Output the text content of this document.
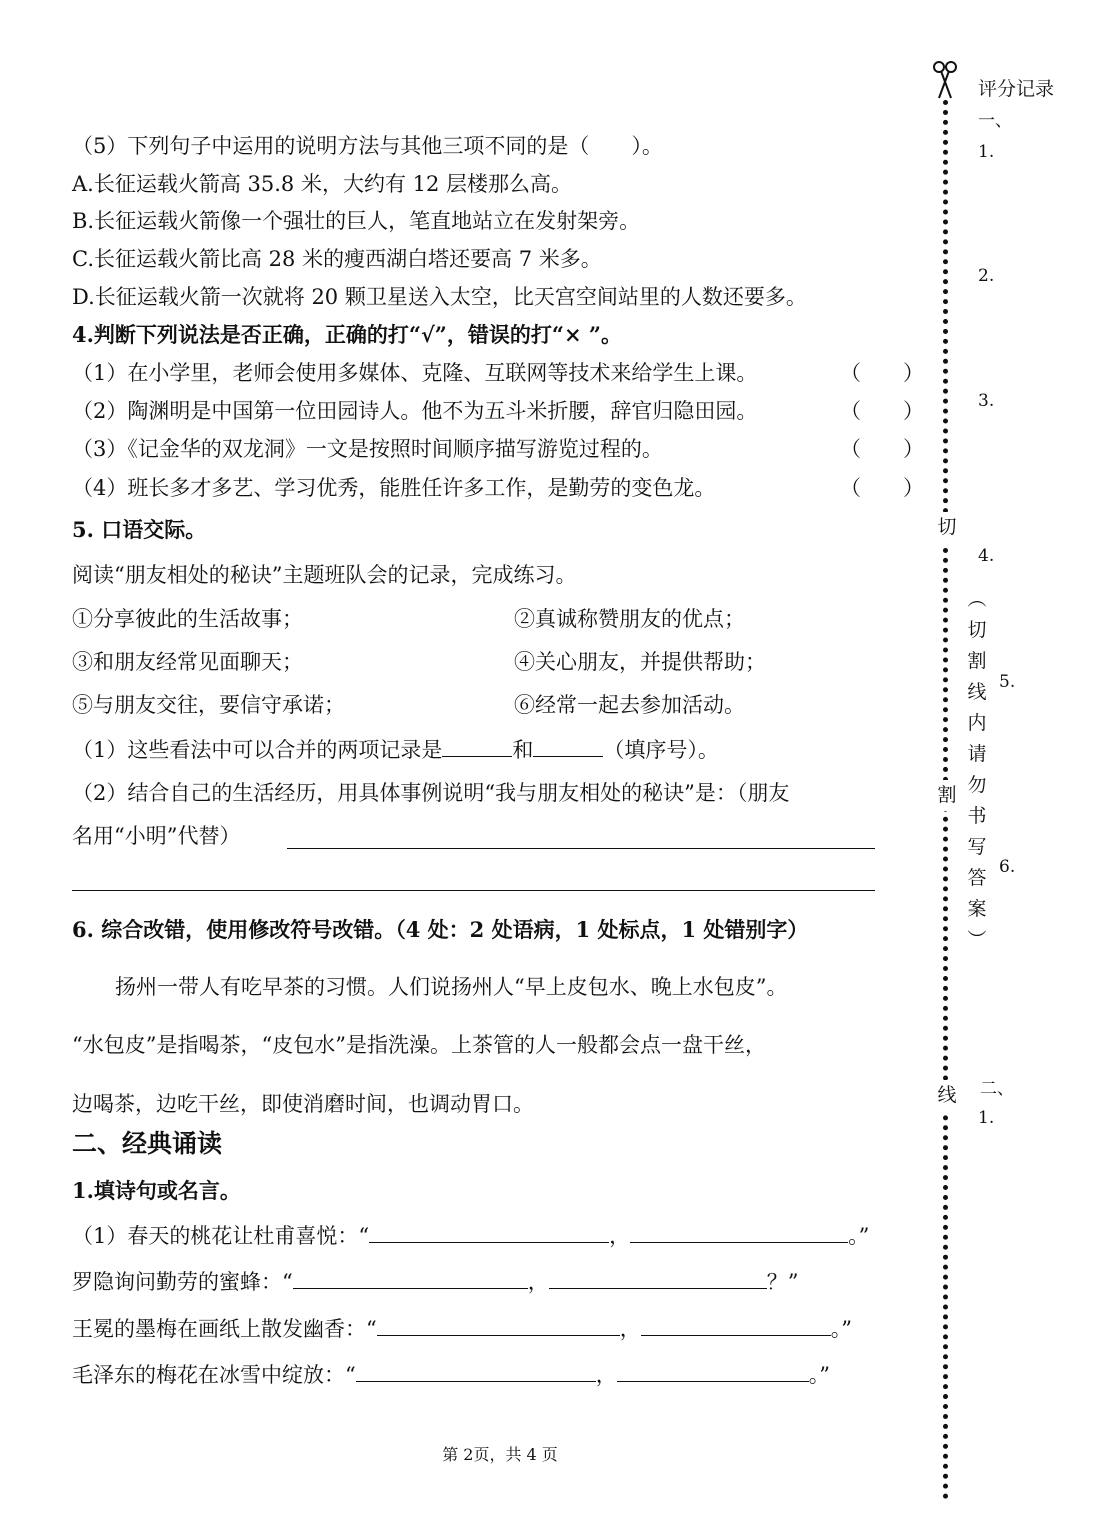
（5）下列句子中运用的说明方法与其他三项不同的是（　　）。
A.长征运载火箭高 35.8 米，大约有 12 层楼那么高。
B.长征运载火箭像一个强壮的巨人，笔直地站立在发射架旁。
C.长征运载火箭比高 28 米的瘦西湖白塔还要高 7 米多。
D.长征运载火箭一次就将 20 颗卫星送入太空，比天宫空间站里的人数还要多。
4.判断下列说法是否正确，正确的打“√”，错误的打“× ”。
（1）在小学里，老师会使用多媒体、克隆、互联网等技术来给学生上课。	（　　）
（2）陶渊明是中国第一位田园诗人。他不为五斗米折腰，辞官归隐田园。	（　　）
（3）《记金华的双龙洞》一文是按照时间顺序描写游览过程的。	（　　）
（4）班长多才多艺、学习优秀，能胜任许多工作，是勤劳的变色龙。	（　　）
5. 口语交际。
阅读“朋友相处的秘诀”主题班队会的记录，完成练习。
①分享彼此的生活故事；	②真诚称赞朋友的优点；
③和朋友经常见面聊天；	④关心朋友，并提供帮助；
⑤与朋友交往，要信守承诺；	⑥经常一起去参加活动。
（1）这些看法中可以合并的两项记录是	和	（填序号）。
（2）结合自己的生活经历，用具体事例说明“我与朋友相处的秘诀”是：（朋友
名用“小明”代替）
6. 综合改错，使用修改符号改错。（4 处：2 处语病，1 处标点，1 处错别字）
扬州一带人有吃早茶的习惯。人们说扬州人“早上皮包水、晚上水包皮”。
“水包皮”是指喝茶，“皮包水”是指洗澡。上茶管的人一般都会点一盘干丝，
边喝茶，边吃干丝，即使消磨时间，也调动胃口。
二、经典诵读
1.填诗句或名言。
（1）春天的桃花让杜甫喜悦：“	，	。”
罗隐询问勤劳的蜜蜂：“	，	？”
王冕的墨梅在画纸上散发幽香：“	，	。”
毛泽东的梅花在冰雪中绽放：“	，	。”
第 2页，共 4 页
切
割
线
︵
切
割
线
内
请
勿
书
写
答
案
︶
评分记录
一、
1.
2.
3.
4.
5.
6.
二、
1.
